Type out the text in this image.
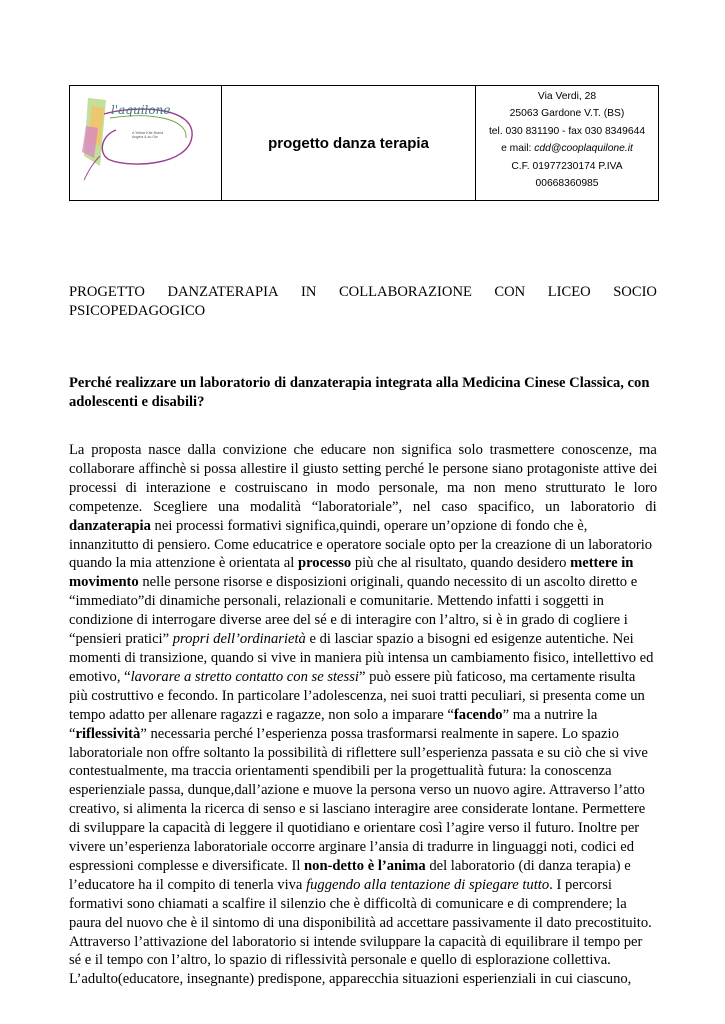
l'aquilone
A Yellow Kite Brand Angela & so Ow	progetto danza terapia
Via Verdi, 28
25063 Gardone V.T. (BS)
tel. 030 831190 - fax 030 8349644
e mail: cdd@cooplaquilone.it
C.F. 01977230174 P.IVA
00668360985
PROGETTO DANZATERAPIA IN COLLABORAZIONE CON LICEO SOCIO
PSICOPEDAGOGICO
Perché realizzare un laboratorio di danzaterapia integrata alla Medicina Cinese Classica, con adolescenti e disabili?
La proposta nasce dalla convizione che educare non significa solo trasmettere conoscenze, ma
collaborare affinchè si possa allestire il giusto setting perché le persone siano protagoniste attive dei
processi di interazione e costruiscano in modo personale, ma non meno strutturato le loro
competenze. Scegliere una modalità “laboratoriale”, nel caso spacifico, un laboratorio di
danzaterapia nei processi formativi significa,quindi, operare un’opzione di fondo che è,
innanzitutto di pensiero. Come educatrice e operatore sociale opto per la creazione di un laboratorio
quando la mia attenzione è orientata al processo più che al risultato, quando desidero mettere in
movimento nelle persone risorse e disposizioni originali, quando necessito di un ascolto diretto e
“immediato”di dinamiche personali, relazionali e comunitarie. Mettendo infatti i soggetti in
condizione di interrogare diverse aree del sé e di interagire con l’altro, si è in grado di cogliere i
“pensieri pratici” propri dell’ordinarietà e di lasciar spazio a bisogni ed esigenze autentiche. Nei
momenti di transizione, quando si vive in maniera più intensa un cambiamento fisico, intellettivo ed
emotivo, “lavorare a stretto contatto con se stessi” può essere più faticoso, ma certamente risulta
più costruttivo e fecondo. In particolare l’adolescenza, nei suoi tratti peculiari, si presenta come un
tempo adatto per allenare ragazzi e ragazze, non solo a imparare “facendo” ma a nutrire la
“riflessività” necessaria perché l’esperienza possa trasformarsi realmente in sapere. Lo spazio
laboratoriale non offre soltanto la possibilità di riflettere sull’esperienza passata e su ciò che si vive
contestualmente, ma traccia orientamenti spendibili per la progettualità futura: la conoscenza
esperienziale passa, dunque,dall’azione e muove la persona verso un nuovo agire. Attraverso l’atto
creativo, si alimenta la ricerca di senso e si lasciano interagire aree considerate lontane. Permettere
di sviluppare la capacità di leggere il quotidiano e orientare così l’agire verso il futuro. Inoltre per
vivere un’esperienza laboratoriale occorre arginare l’ansia di tradurre in linguaggi noti, codici ed
espressioni complesse e diversificate. Il non-detto è l’anima del laboratorio (di danza terapia) e
l’educatore ha il compito di tenerla viva fuggendo alla tentazione di spiegare tutto. I percorsi
formativi sono chiamati a scalfire il silenzio che è difficoltà di comunicare e di comprendere; la
paura del nuovo che è il sintomo di una disponibilità ad accettare passivamente il dato precostituito.
Attraverso l’attivazione del laboratorio si intende sviluppare la capacità di equilibrare il tempo per
sé e il tempo con l’altro, lo spazio di riflessività personale e quello di esplorazione collettiva.
L’adulto(educatore, insegnante) predispone, apparecchia situazioni esperienziali in cui ciascuno,
